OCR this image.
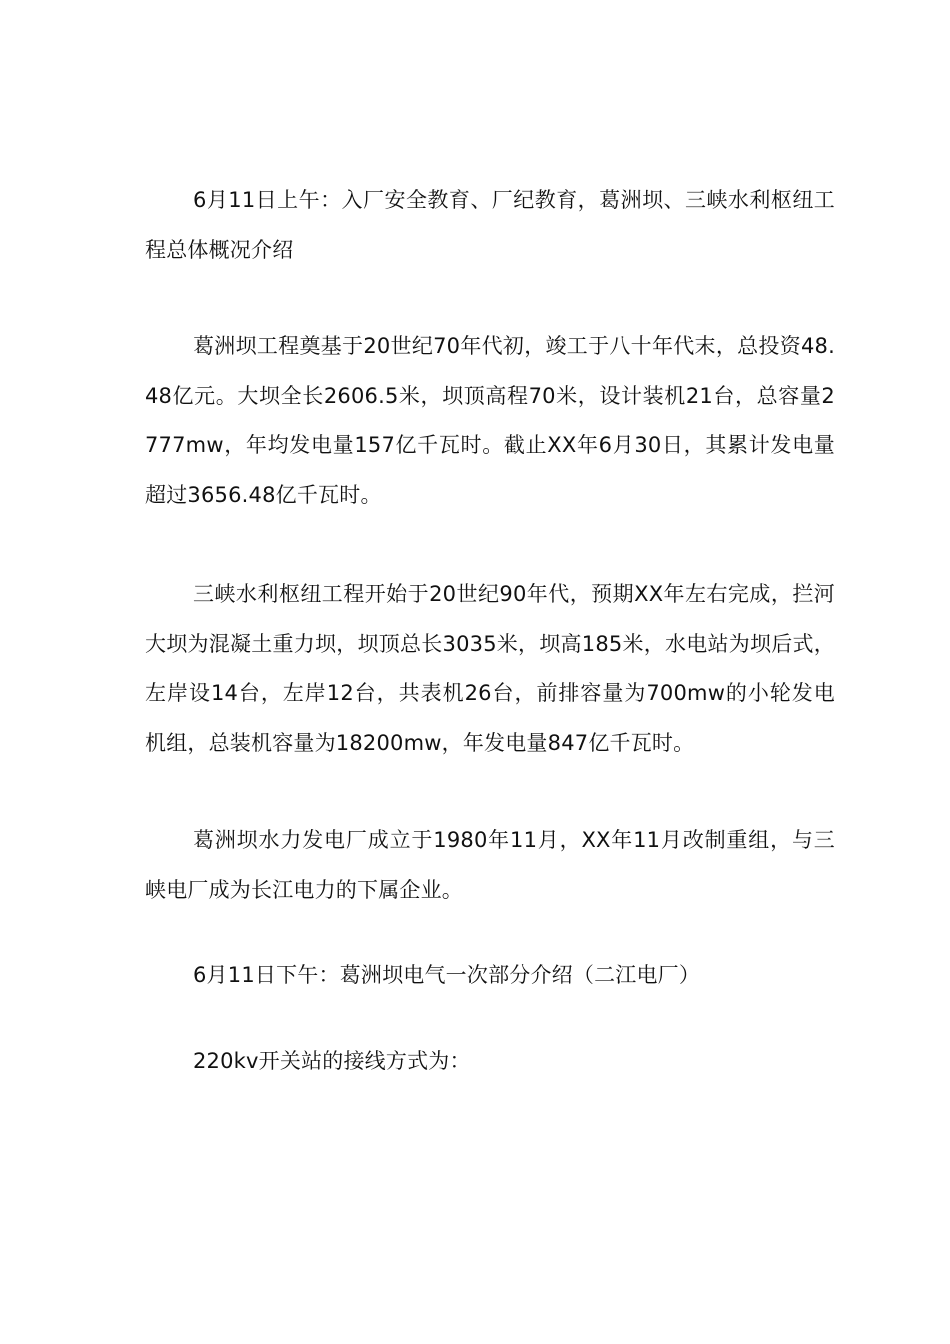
6月11日上午：入厂安全教育、厂纪教育，葛洲坝、三峡水利枢纽工程总体概况介绍

葛洲坝工程奠基于20世纪70年代初，竣工于八十年代末，总投资48.48亿元。大坝全长2606.5米，坝顶高程70米，设计装机21台，总容量2777mw，年均发电量157亿千瓦时。截止XX年6月30日，其累计发电量超过3656.48亿千瓦时。

三峡水利枢纽工程开始于20世纪90年代，预期XX年左右完成，拦河大坝为混凝土重力坝，坝顶总长3035米，坝高185米，水电站为坝后式，左岸设14台，左岸12台，共表机26台，前排容量为700mw的小轮发电机组，总装机容量为18200mw，年发电量847亿千瓦时。

葛洲坝水力发电厂成立于1980年11月，XX年11月改制重组，与三峡电厂成为长江电力的下属企业。

6月11日下午：葛洲坝电气一次部分介绍（二江电厂）

220kv开关站的接线方式为：
